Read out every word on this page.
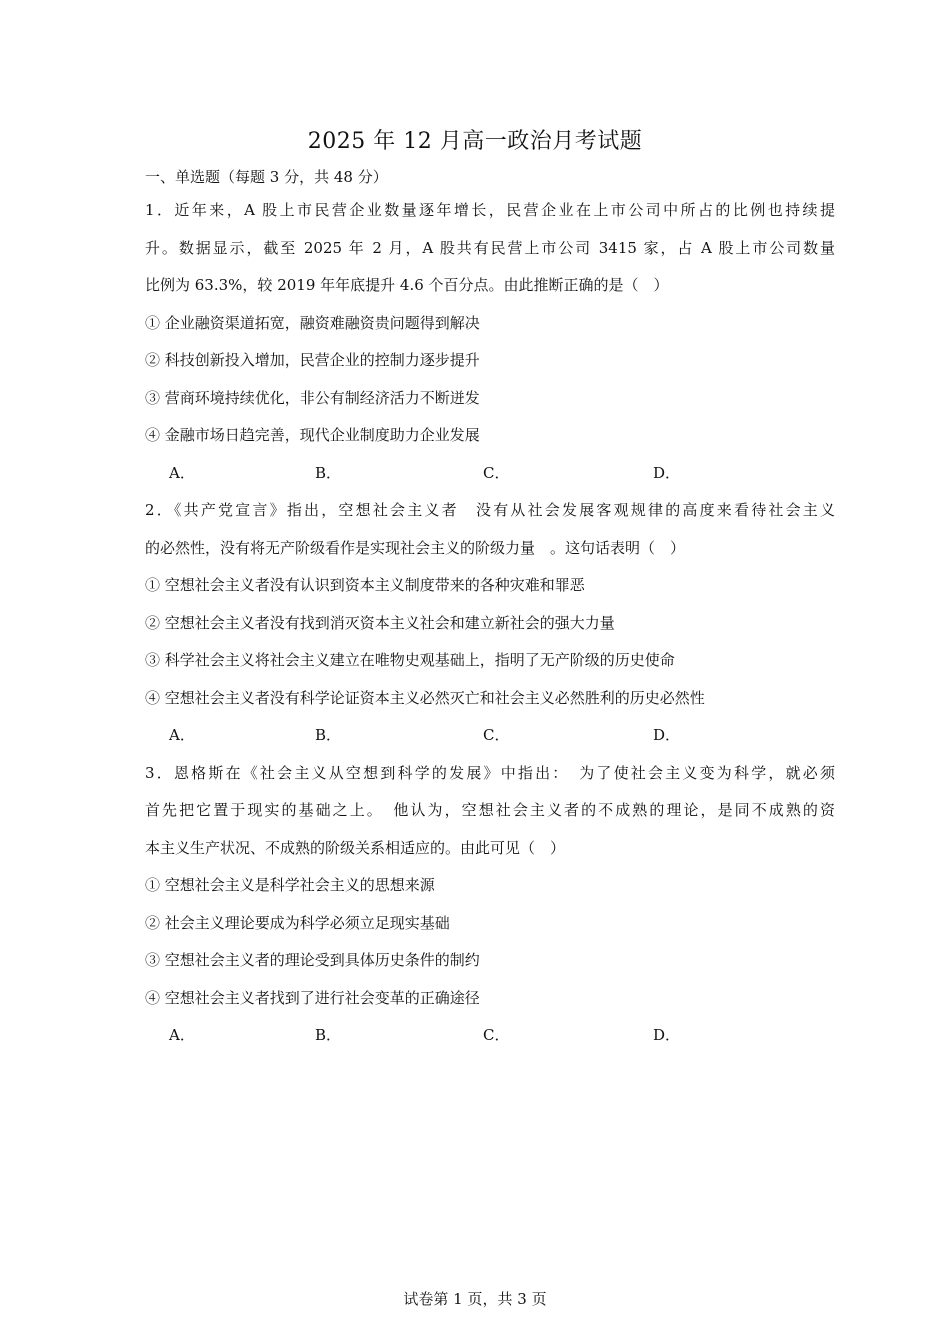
2025 年 12 月高一政治月考试题
一、单选题（每题 3 分，共 48 分）
1．近年来，A 股上市民营企业数量逐年增长，民营企业在上市公司中所占的比例也持续提
升。数据显示，截至 2025 年 2 月，A 股共有民营上市公司 3415 家，占 A 股上市公司数量
比例为 63.3%，较 2019 年年底提升 4.6 个百分点。由此推断正确的是（　）
① 企业融资渠道拓宽，融资难融资贵问题得到解决
② 科技创新投入增加，民营企业的控制力逐步提升
③ 营商环境持续优化，非公有制经济活力不断迸发
④ 金融市场日趋完善，现代企业制度助力企业发展
A．	B．	C．	D．
2．《共产党宣言》指出，空想社会主义者　没有从社会发展客观规律的高度来看待社会主义
的必然性，没有将无产阶级看作是实现社会主义的阶级力量　。这句话表明（　）
① 空想社会主义者没有认识到资本主义制度带来的各种灾难和罪恶
② 空想社会主义者没有找到消灭资本主义社会和建立新社会的强大力量
③ 科学社会主义将社会主义建立在唯物史观基础上，指明了无产阶级的历史使命
④ 空想社会主义者没有科学论证资本主义必然灭亡和社会主义必然胜利的历史必然性
A．	B．	C．	D．
3．恩格斯在《社会主义从空想到科学的发展》中指出：　为了使社会主义变为科学，就必须
首先把它置于现实的基础之上。　他认为，空想社会主义者的不成熟的理论，是同不成熟的资
本主义生产状况、不成熟的阶级关系相适应的。由此可见（　）
① 空想社会主义是科学社会主义的思想来源
② 社会主义理论要成为科学必须立足现实基础
③ 空想社会主义者的理论受到具体历史条件的制约
④ 空想社会主义者找到了进行社会变革的正确途径
A．	B．	C．	D．
试卷第 1 页，共 3 页
